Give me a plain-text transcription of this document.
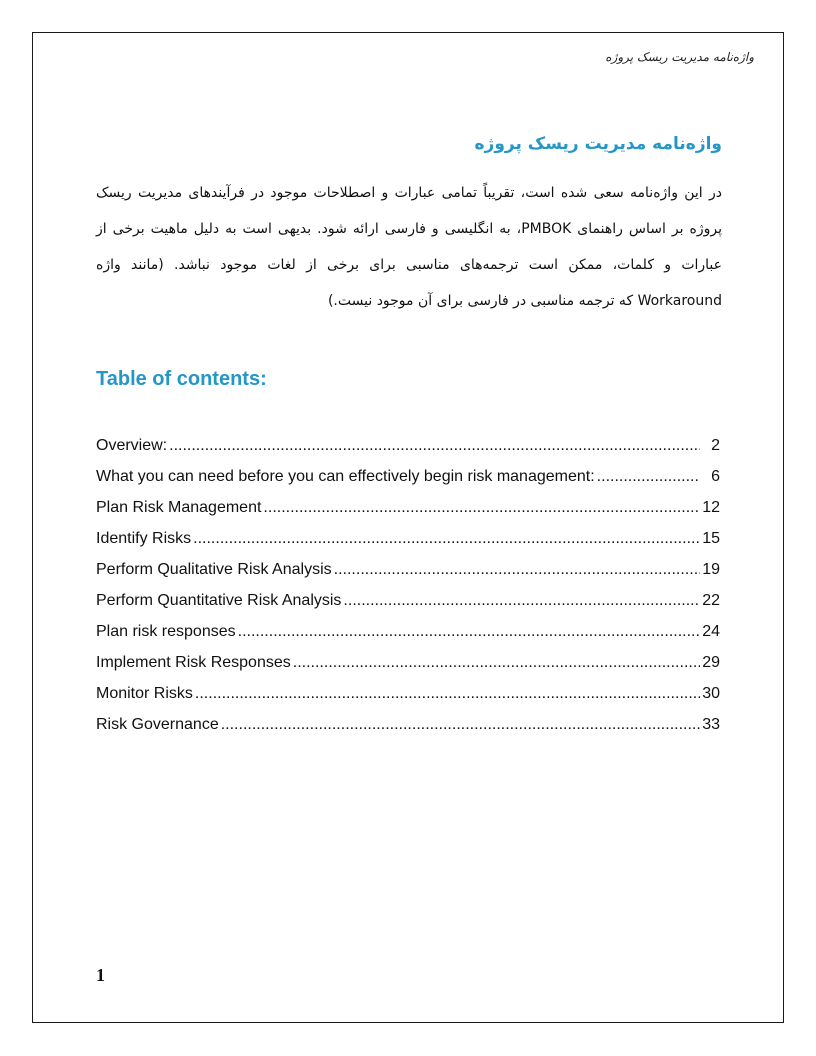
واژه‌نامه مدیریت ریسک پروژه
واژه‌نامه مدیریت ریسک پروژه

در این واژه‌نامه سعی شده است، تقریباً تمامی عبارات و اصطلاحات موجود در فرآیندهای مدیریت ریسک پروژه بر اساس راهنمای PMBOK، به انگلیسی و فارسی ارائه شود. بدیهی است به دلیل ماهیت برخی از عبارات و کلمات، ممکن است ترجمه‌های مناسبی برای برخی از لغات موجود نباشد. (مانند واژه Workaround که ترجمه مناسبی در فارسی برای آن موجود نیست.)

Table of contents:
Overview: .....	2
What you can need before you can effectively begin risk management: .....	6
Plan Risk Management .....	12
Identify Risks .....	15
Perform Qualitative Risk Analysis .....	19
Perform Quantitative Risk Analysis .....	22
Plan risk responses .....	24
Implement Risk Responses .....	29
Monitor Risks .....	30
Risk Governance .....	33
1
